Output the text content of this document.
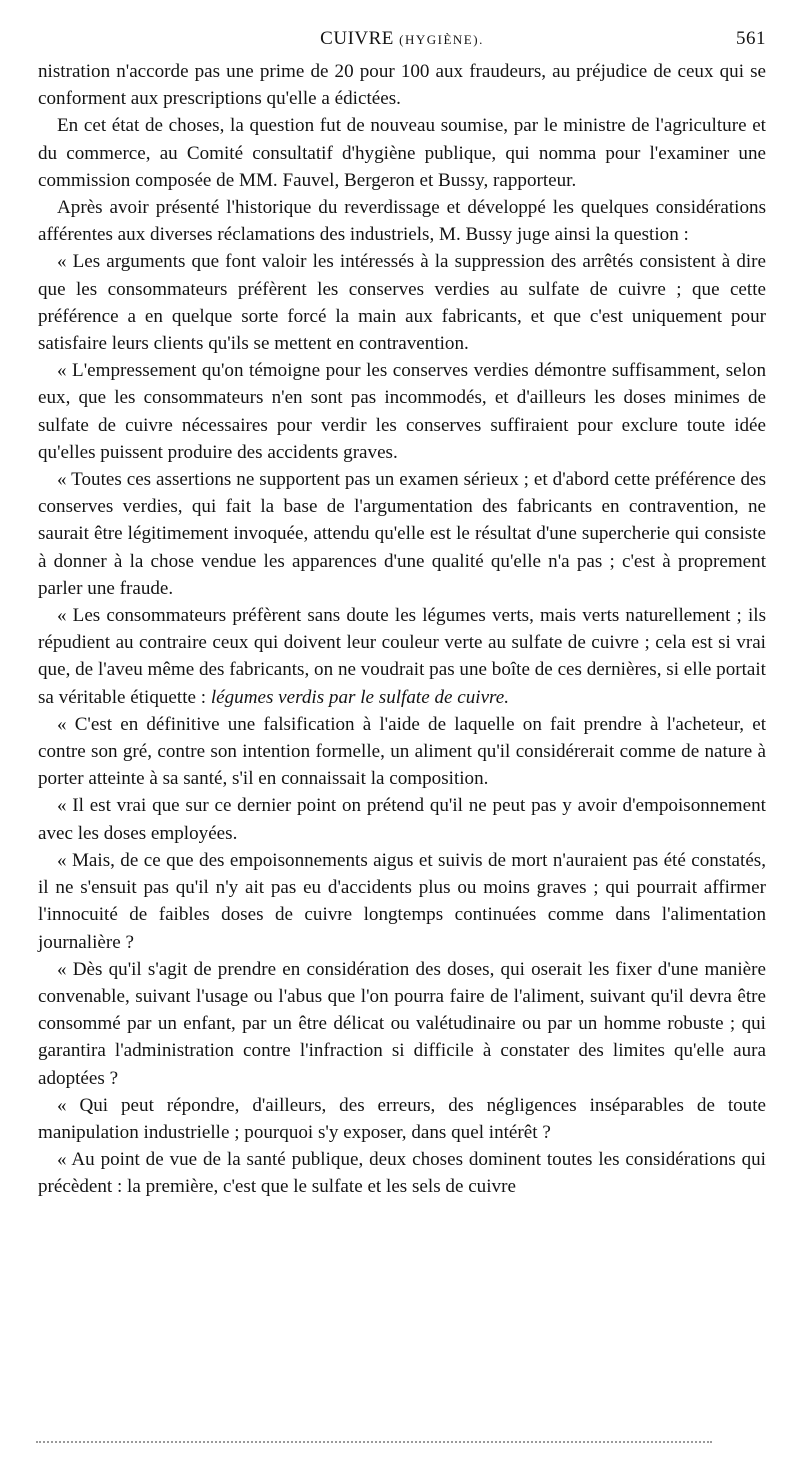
CUIVRE (HYGIÈNE).	561

nistration n'accorde pas une prime de 20 pour 100 aux fraudeurs, au préjudice de ceux qui se conforment aux prescriptions qu'elle a édictées.

En cet état de choses, la question fut de nouveau soumise, par le ministre de l'agriculture et du commerce, au Comité consultatif d'hygiène publique, qui nomma pour l'examiner une commission composée de MM. Fauvel, Bergeron et Bussy, rapporteur.

Après avoir présenté l'historique du reverdissage et développé les quelques considérations afférentes aux diverses réclamations des industriels, M. Bussy juge ainsi la question :

« Les arguments que font valoir les intéressés à la suppression des arrêtés consistent à dire que les consommateurs préfèrent les conserves verdies au sulfate de cuivre ; que cette préférence a en quelque sorte forcé la main aux fabricants, et que c'est uniquement pour satisfaire leurs clients qu'ils se mettent en contravention.

« L'empressement qu'on témoigne pour les conserves verdies démontre suffisamment, selon eux, que les consommateurs n'en sont pas incommodés, et d'ailleurs les doses minimes de sulfate de cuivre nécessaires pour verdir les conserves suffiraient pour exclure toute idée qu'elles puissent produire des accidents graves.

« Toutes ces assertions ne supportent pas un examen sérieux ; et d'abord cette préférence des conserves verdies, qui fait la base de l'argumentation des fabricants en contravention, ne saurait être légitimement invoquée, attendu qu'elle est le résultat d'une supercherie qui consiste à donner à la chose vendue les apparences d'une qualité qu'elle n'a pas ; c'est à proprement parler une fraude.

« Les consommateurs préfèrent sans doute les légumes verts, mais verts naturellement ; ils répudient au contraire ceux qui doivent leur couleur verte au sulfate de cuivre ; cela est si vrai que, de l'aveu même des fabricants, on ne voudrait pas une boîte de ces dernières, si elle portait sa véritable étiquette : légumes verdis par le sulfate de cuivre.

« C'est en définitive une falsification à l'aide de laquelle on fait prendre à l'acheteur, et contre son gré, contre son intention formelle, un aliment qu'il considérerait comme de nature à porter atteinte à sa santé, s'il en connaissait la composition.

« Il est vrai que sur ce dernier point on prétend qu'il ne peut pas y avoir d'empoisonnement avec les doses employées.

« Mais, de ce que des empoisonnements aigus et suivis de mort n'auraient pas été constatés, il ne s'ensuit pas qu'il n'y ait pas eu d'accidents plus ou moins graves ; qui pourrait affirmer l'innocuité de faibles doses de cuivre longtemps continuées comme dans l'alimentation journalière ?

« Dès qu'il s'agit de prendre en considération des doses, qui oserait les fixer d'une manière convenable, suivant l'usage ou l'abus que l'on pourra faire de l'aliment, suivant qu'il devra être consommé par un enfant, par un être délicat ou valétudinaire ou par un homme robuste ; qui garantira l'administration contre l'infraction si difficile à constater des limites qu'elle aura adoptées ?

« Qui peut répondre, d'ailleurs, des erreurs, des négligences inséparables de toute manipulation industrielle ; pourquoi s'y exposer, dans quel intérêt ?

« Au point de vue de la santé publique, deux choses dominent toutes les considérations qui précèdent : la première, c'est que le sulfate et les sels de cuivre
